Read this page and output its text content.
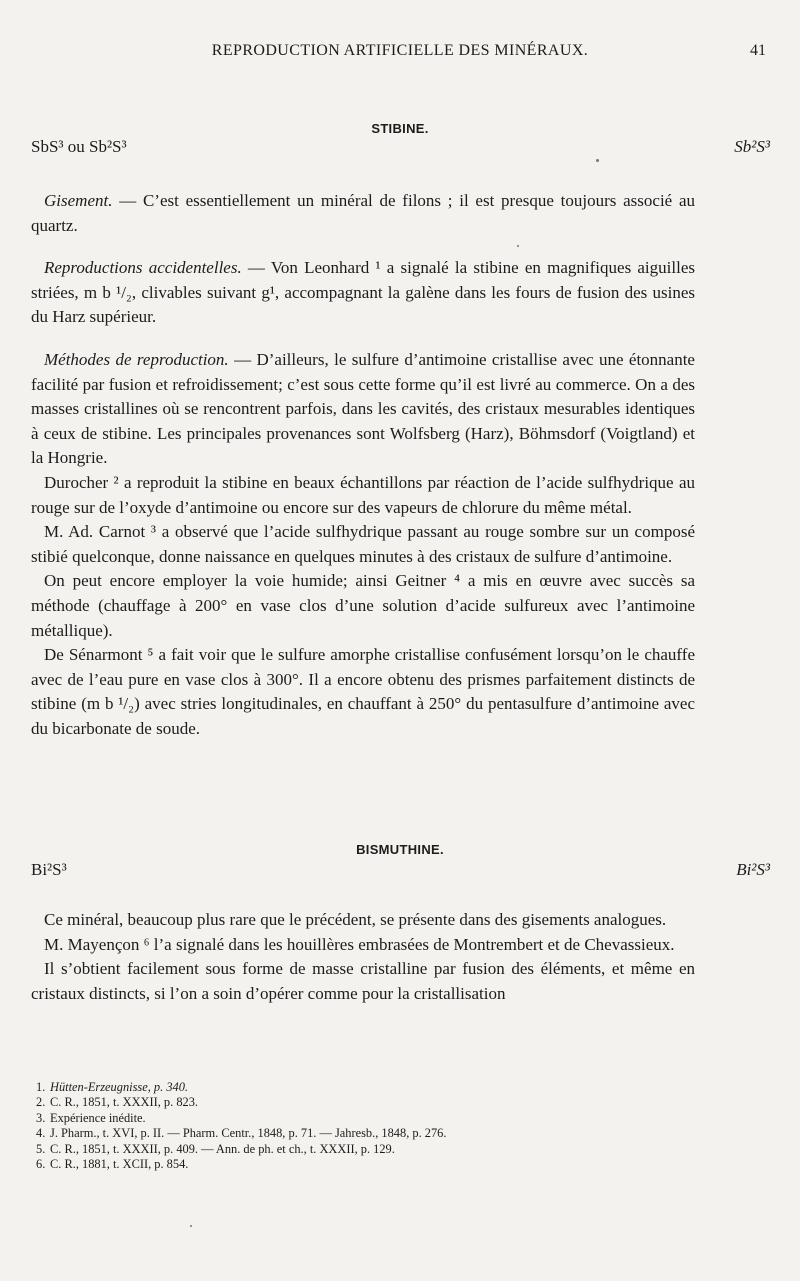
REPRODUCTION ARTIFICIELLE DES MINÉRAUX.	41
STIBINE.
SbS³ ou Sb²S³	Sb²S³

Gisement. — C’est essentiellement un minéral de filons ; il est presque toujours associé au quartz.

Reproductions accidentelles. — Von Leonhard ¹ a signalé la stibine en magnifiques aiguilles striées, m b ¹/₂, clivables suivant g¹, accompagnant la galène dans les fours de fusion des usines du Harz supérieur.

Méthodes de reproduction. — D’ailleurs, le sulfure d’antimoine cristallise avec une étonnante facilité par fusion et refroidissement; c’est sous cette forme qu’il est livré au commerce. On a des masses cristallines où se rencontrent parfois, dans les cavités, des cristaux mesurables identiques à ceux de stibine. Les principales provenances sont Wolfsberg (Harz), Böhmsdorf (Voigtland) et la Hongrie.

Durocher ² a reproduit la stibine en beaux échantillons par réaction de l’acide sulfhydrique au rouge sur de l’oxyde d’antimoine ou encore sur des vapeurs de chlorure du même métal.

M. Ad. Carnot ³ a observé que l’acide sulfhydrique passant au rouge sombre sur un composé stibié quelconque, donne naissance en quelques minutes à des cristaux de sulfure d’antimoine.

On peut encore employer la voie humide; ainsi Geitner ⁴ a mis en œuvre avec succès sa méthode (chauffage à 200° en vase clos d’une solution d’acide sulfureux avec l’antimoine métallique).

De Sénarmont ⁵ a fait voir que le sulfure amorphe cristallise confusément lorsqu’on le chauffe avec de l’eau pure en vase clos à 300°. Il a encore obtenu des prismes parfaitement distincts de stibine (m b ¹/₂) avec stries longitudinales, en chauffant à 250° du pentasulfure d’antimoine avec du bicarbonate de soude.

BISMUTHINE.
Bi²S³	Bi²S³

Ce minéral, beaucoup plus rare que le précédent, se présente dans des gisements analogues.

M. Mayençon ⁶ l’a signalé dans les houillères embrasées de Montrembert et de Chevassieux.

Il s’obtient facilement sous forme de masse cristalline par fusion des éléments, et même en cristaux distincts, si l’on a soin d’opérer comme pour la cristallisation

1. Hütten-Erzeugnisse, p. 340.
2. C. R., 1851, t. XXXII, p. 823.
3. Expérience inédite.
4. J. Pharm., t. XVI, p. II. — Pharm. Centr., 1848, p. 71. — Jahresb., 1848, p. 276.
5. C. R., 1851, t. XXXII, p. 409. — Ann. de ph. et ch., t. XXXII, p. 129.
6. C. R., 1881, t. XCII, p. 854.
